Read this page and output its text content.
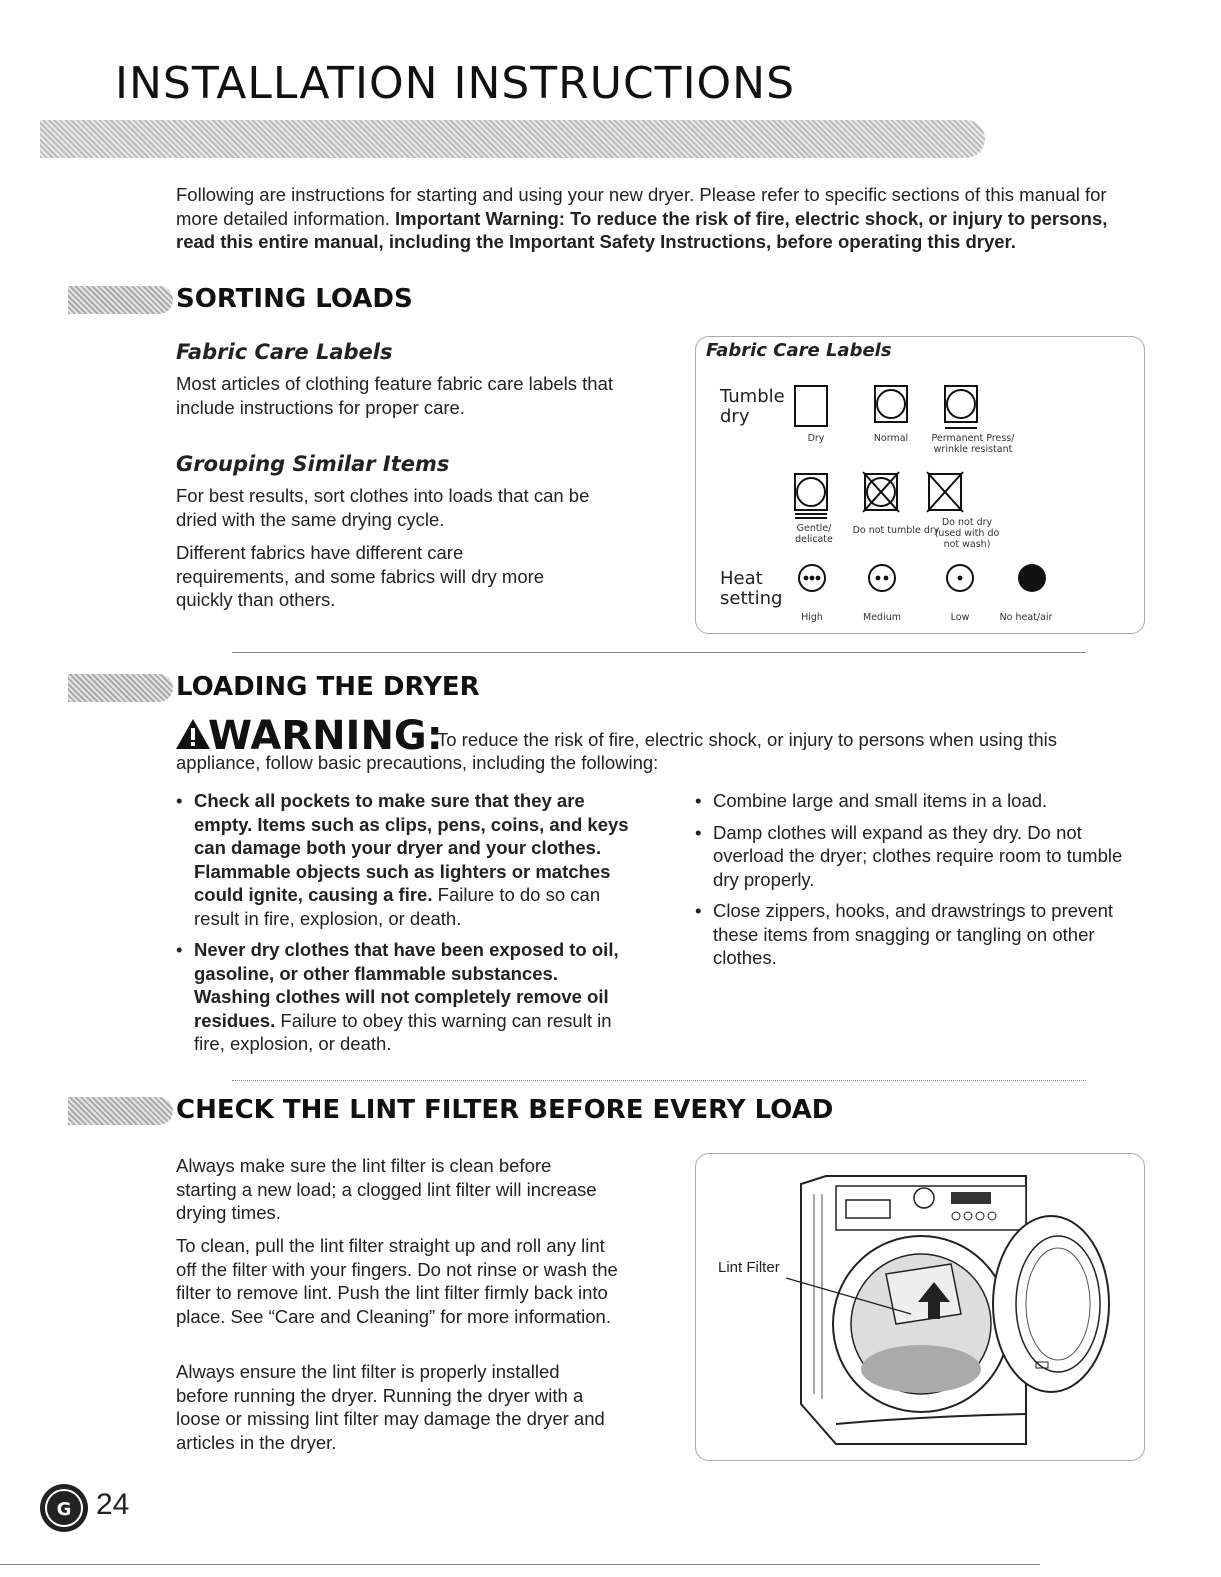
INSTALLATION INSTRUCTIONS
Following are instructions for starting and using your new dryer. Please refer to specific sections of this manual for more detailed information. Important Warning: To reduce the risk of fire, electric shock, or injury to persons, read this entire manual, including the Important Safety Instructions, before operating this dryer.
SORTING LOADS
Fabric Care Labels
Most articles of clothing feature fabric care labels that include instructions for proper care.
Grouping Similar Items
For best results, sort clothes into loads that can be dried with the same drying cycle.
Different fabrics have different care requirements, and some fabrics will dry more quickly than others.
Fabric Care Labels
Tumble dry
Dry	Normal	Permanent Press/ wrinkle resistant
Gentle/ delicate
Do not tumble dry
Do not dry (used with do not wash)
Heat setting
High	Medium	Low	No heat/air
LOADING THE DRYER
WARNING:
To reduce the risk of fire, electric shock, or injury to persons when using this
appliance, follow basic precautions, including the following:
• Check all pockets to make sure that they are empty. Items such as clips, pens, coins, and keys can damage both your dryer and your clothes. Flammable objects such as lighters or matches could ignite, causing a fire. Failure to do so can result in fire, explosion, or death.
• Never dry clothes that have been exposed to oil, gasoline, or other flammable substances. Washing clothes will not completely remove oil residues. Failure to obey this warning can result in fire, explosion, or death.
• Combine large and small items in a load.
• Damp clothes will expand as they dry. Do not overload the dryer; clothes require room to tumble dry properly.
• Close zippers, hooks, and drawstrings to prevent these items from snagging or tangling on other clothes.
CHECK THE LINT FILTER BEFORE EVERY LOAD
Always make sure the lint filter is clean before starting a new load; a clogged lint filter will increase drying times.
To clean, pull the lint filter straight up and roll any lint off the filter with your fingers. Do not rinse or wash the filter to remove lint. Push the lint filter firmly back into place. See “Care and Cleaning” for more information.
Always ensure the lint filter is properly installed before running the dryer. Running the dryer with a loose or missing lint filter may damage the dryer and articles in the dryer.
Lint Filter
G 24
